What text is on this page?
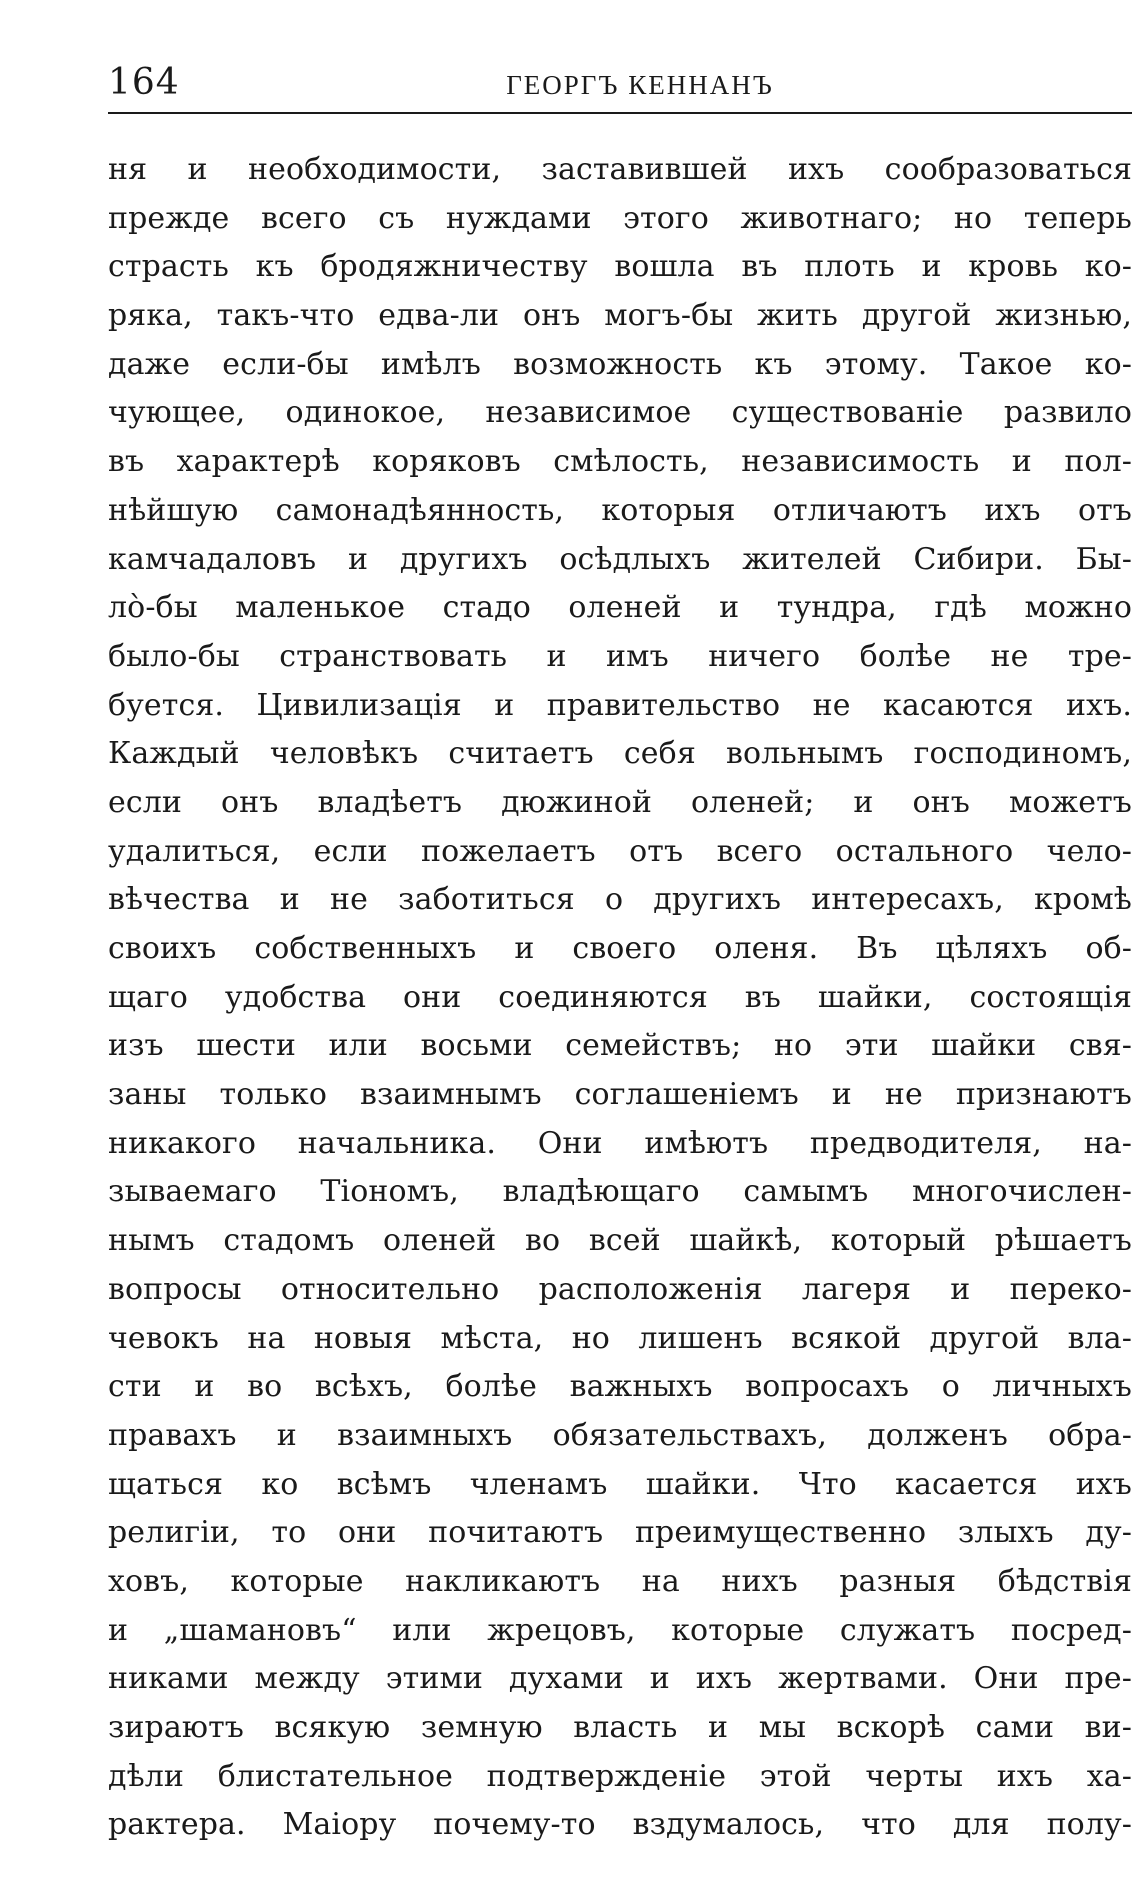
164	ГЕОРГЪ КЕННАНЪ
ня и необходимости, заставившей ихъ сообразоваться
прежде всего съ нуждами этого животнаго; но теперь
страсть къ бродяжничеству вошла въ плоть и кровь ко-
ряка, такъ-что едва-ли онъ могъ-бы жить другой жизнью,
даже если-бы имѣлъ возможность къ этому. Такое ко-
чующее, одинокое, независимое существованіе развило
въ характерѣ коряковъ смѣлость, независимость и пол-
нѣйшую самонадѣянность, которыя отличаютъ ихъ отъ
камчадаловъ и другихъ осѣдлыхъ жителей Сибири. Бы-
лò-бы маленькое стадо оленей и тундра, гдѣ можно
было-бы странствовать и имъ ничего болѣе не тре-
буется. Цивилизація и правительство не касаются ихъ.
Каждый человѣкъ считаетъ себя вольнымъ господиномъ,
если онъ владѣетъ дюжиной оленей; и онъ можетъ
удалиться, если пожелаетъ отъ всего остального чело-
вѣчества и не заботиться о другихъ интересахъ, кромѣ
своихъ собственныхъ и своего оленя. Въ цѣляхъ об-
щаго удобства они соединяются въ шайки, состоящія
изъ шести или восьми семействъ; но эти шайки свя-
заны только взаимнымъ соглашеніемъ и не признаютъ
никакого начальника. Они имѣютъ предводителя, на-
зываемаго Тіономъ, владѣющаго самымъ многочислен-
нымъ стадомъ оленей во всей шайкѣ, который рѣшаетъ
вопросы относительно расположенія лагеря и переко-
чевокъ на новыя мѣста, но лишенъ всякой другой вла-
сти и во всѣхъ, болѣе важныхъ вопросахъ о личныхъ
правахъ и взаимныхъ обязательствахъ, долженъ обра-
щаться ко всѣмъ членамъ шайки. Что касается ихъ
религіи, то они почитаютъ преимущественно злыхъ ду-
ховъ, которые накликаютъ на нихъ разныя бѣдствія
и „шамановъ“ или жрецовъ, которые служатъ посред-
никами между этими духами и ихъ жертвами. Они пре-
зираютъ всякую земную власть и мы вскорѣ сами ви-
дѣли блистательное подтвержденіе этой черты ихъ ха-
рактера. Маіору почему-то вздумалось, что для полу-
